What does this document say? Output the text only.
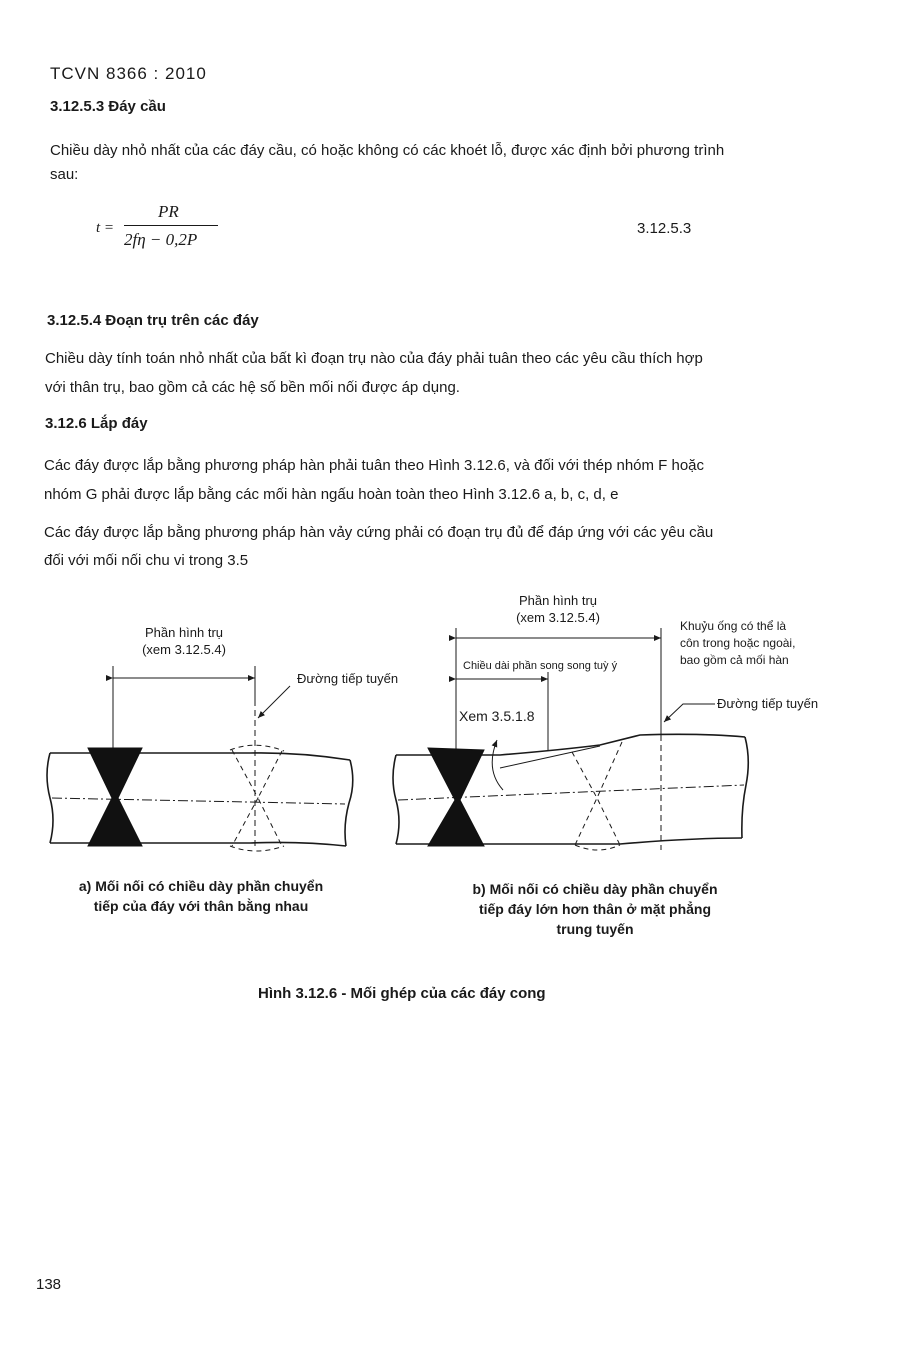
TCVN 8366 : 2010
3.12.5.3 Đáy cầu
Chiều dày nhỏ nhất của các đáy cầu, có hoặc không có các khoét lỗ, được xác định bởi phương trình
sau:
t =
PR
2fη − 0,2P
3.12.5.3
3.12.5.4 Đoạn trụ trên các đáy
Chiều dày tính toán nhỏ nhất của bất kì đoạn trụ nào của đáy phải tuân theo các yêu cầu thích hợp
với thân trụ, bao gồm cả các hệ số bền mối nối được áp dụng.
3.12.6 Lắp đáy
Các đáy được lắp bằng phương pháp hàn phải tuân theo Hình 3.12.6, và đối với thép nhóm F hoặc
nhóm G phải được lắp bằng các mối hàn ngấu hoàn toàn theo Hình 3.12.6 a, b, c, d, e
Các đáy được lắp bằng phương pháp hàn vảy cứng phải có đoạn trụ đủ để đáp ứng với các yêu cầu
đối với mối nối chu vi trong 3.5
Phần hình trụ
(xem 3.12.5.4)
Đường tiếp tuyến
Phần hình trụ
(xem 3.12.5.4)
Chiều dài phần song song tuỳ ý
Xem 3.5.1.8
Khuỷu ống có thể là
côn trong hoặc ngoài,
bao gồm cả mối hàn
Đường tiếp tuyến
a) Mối nối có chiều dày phần chuyển
tiếp của đáy với thân bằng nhau
b) Mối nối có chiều dày phần chuyển
tiếp đáy lớn hơn thân ở mặt phẳng
trung tuyến
Hình 3.12.6 - Mối ghép của các đáy cong
138
